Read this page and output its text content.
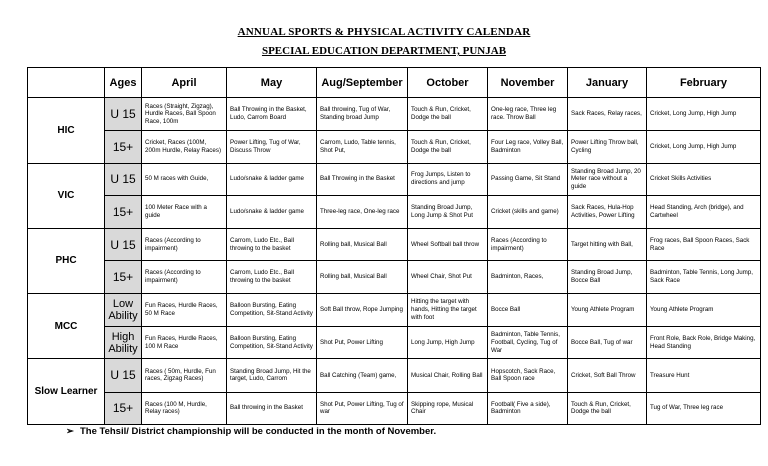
ANNUAL SPORTS & PHYSICAL ACTIVITY CALENDAR
SPECIAL EDUCATION DEPARTMENT, PUNJAB
	Ages	April	May	Aug/September	October	November	January	February
HIC	U 15	Races (Straight, Zigzag), Hurdle Races, Ball Spoon Race, 100m	Ball Throwing in the Basket, Ludo, Carrom Board	Ball throwing, Tug of War, Standing broad Jump	Touch & Run, Cricket, Dodge the ball	One-leg race, Three leg race. Throw Ball	Sack Races, Relay races,	Cricket, Long Jump, High Jump
	15+	Cricket, Races (100M, 200m Hurdle, Relay Races)	Power Lifting, Tug of War, Discuss Throw	Carrom, Ludo, Table tennis, Shot Put,	Touch & Run, Cricket, Dodge the ball	Four Leg race, Volley Ball, Badminton	Power Lifting Throw ball, Cycling	Cricket, Long Jump, High Jump
VIC	U 15	50 M races with Guide,	Ludo/snake & ladder game	Ball Throwing in the Basket	Frog Jumps, Listen to directions and jump	Passing Game, Sit Stand	Standing Broad Jump, 20 Meter race without a guide	Cricket Skills Activities
	15+	100 Meter Race with a guide	Ludo/snake & ladder game	Three-leg race, One-leg race	Standing Broad Jump, Long Jump & Shot Put	Cricket (skills and game)	Sack Races, Hula-Hop Activities, Power Lifting	Head Standing, Arch (bridge), and Cartwheel
PHC	U 15	Races (According to impairment)	Carrom, Ludo Etc., Ball throwing to the basket	Rolling ball, Musical Ball	Wheel Softball ball throw	Races (According to impairment)	Target hitting with Ball,	Frog races, Ball Spoon Races, Sack Race
	15+	Races (According to impairment)	Carrom, Ludo Etc., Ball throwing to the basket	Rolling ball, Musical Ball	Wheel Chair, Shot Put	Badminton, Races,	Standing Broad Jump, Bocce Ball	Badminton, Table Tennis, Long Jump, Sack Race
MCC	Low Ability	Fun Races, Hurdle Races, 50 M Race	Balloon Bursting, Eating Competition, Sit-Stand Activity	Soft Ball throw, Rope Jumping	Hitting the target with hands, Hitting the target with foot	Bocce Ball	Young Athlete Program	Young Athlete Program
	High Ability	Fun Races, Hurdle Races, 100 M Race	Balloon Bursting, Eating Competition, Sit-Stand Activity	Shot Put, Power Lifting	Long Jump, High Jump	Badminton, Table Tennis, Football, Cycling, Tug of War	Bocce Ball, Tug of war	Front Role, Back Role, Bridge Making, Head Standing
Slow Learner	U 15	Races ( 50m, Hurdle, Fun races, Zigzag Races)	Standing Broad Jump, Hit the target, Ludo, Carrom	Ball Catching (Team) game,	Musical Chair, Rolling Ball	Hopscotch, Sack Race, Ball Spoon race	Cricket, Soft Ball Throw	Treasure Hunt
	15+	Races (100 M, Hurdle, Relay races)	Ball throwing in the Basket	Shot Put, Power Lifting, Tug of war	Skipping rope, Musical Chair	Football( Five a side), Badminton	Touch & Run, Cricket, Dodge the ball	Tug of War, Three leg race
➢ The Tehsil/ District championship will be conducted in the month of November.
